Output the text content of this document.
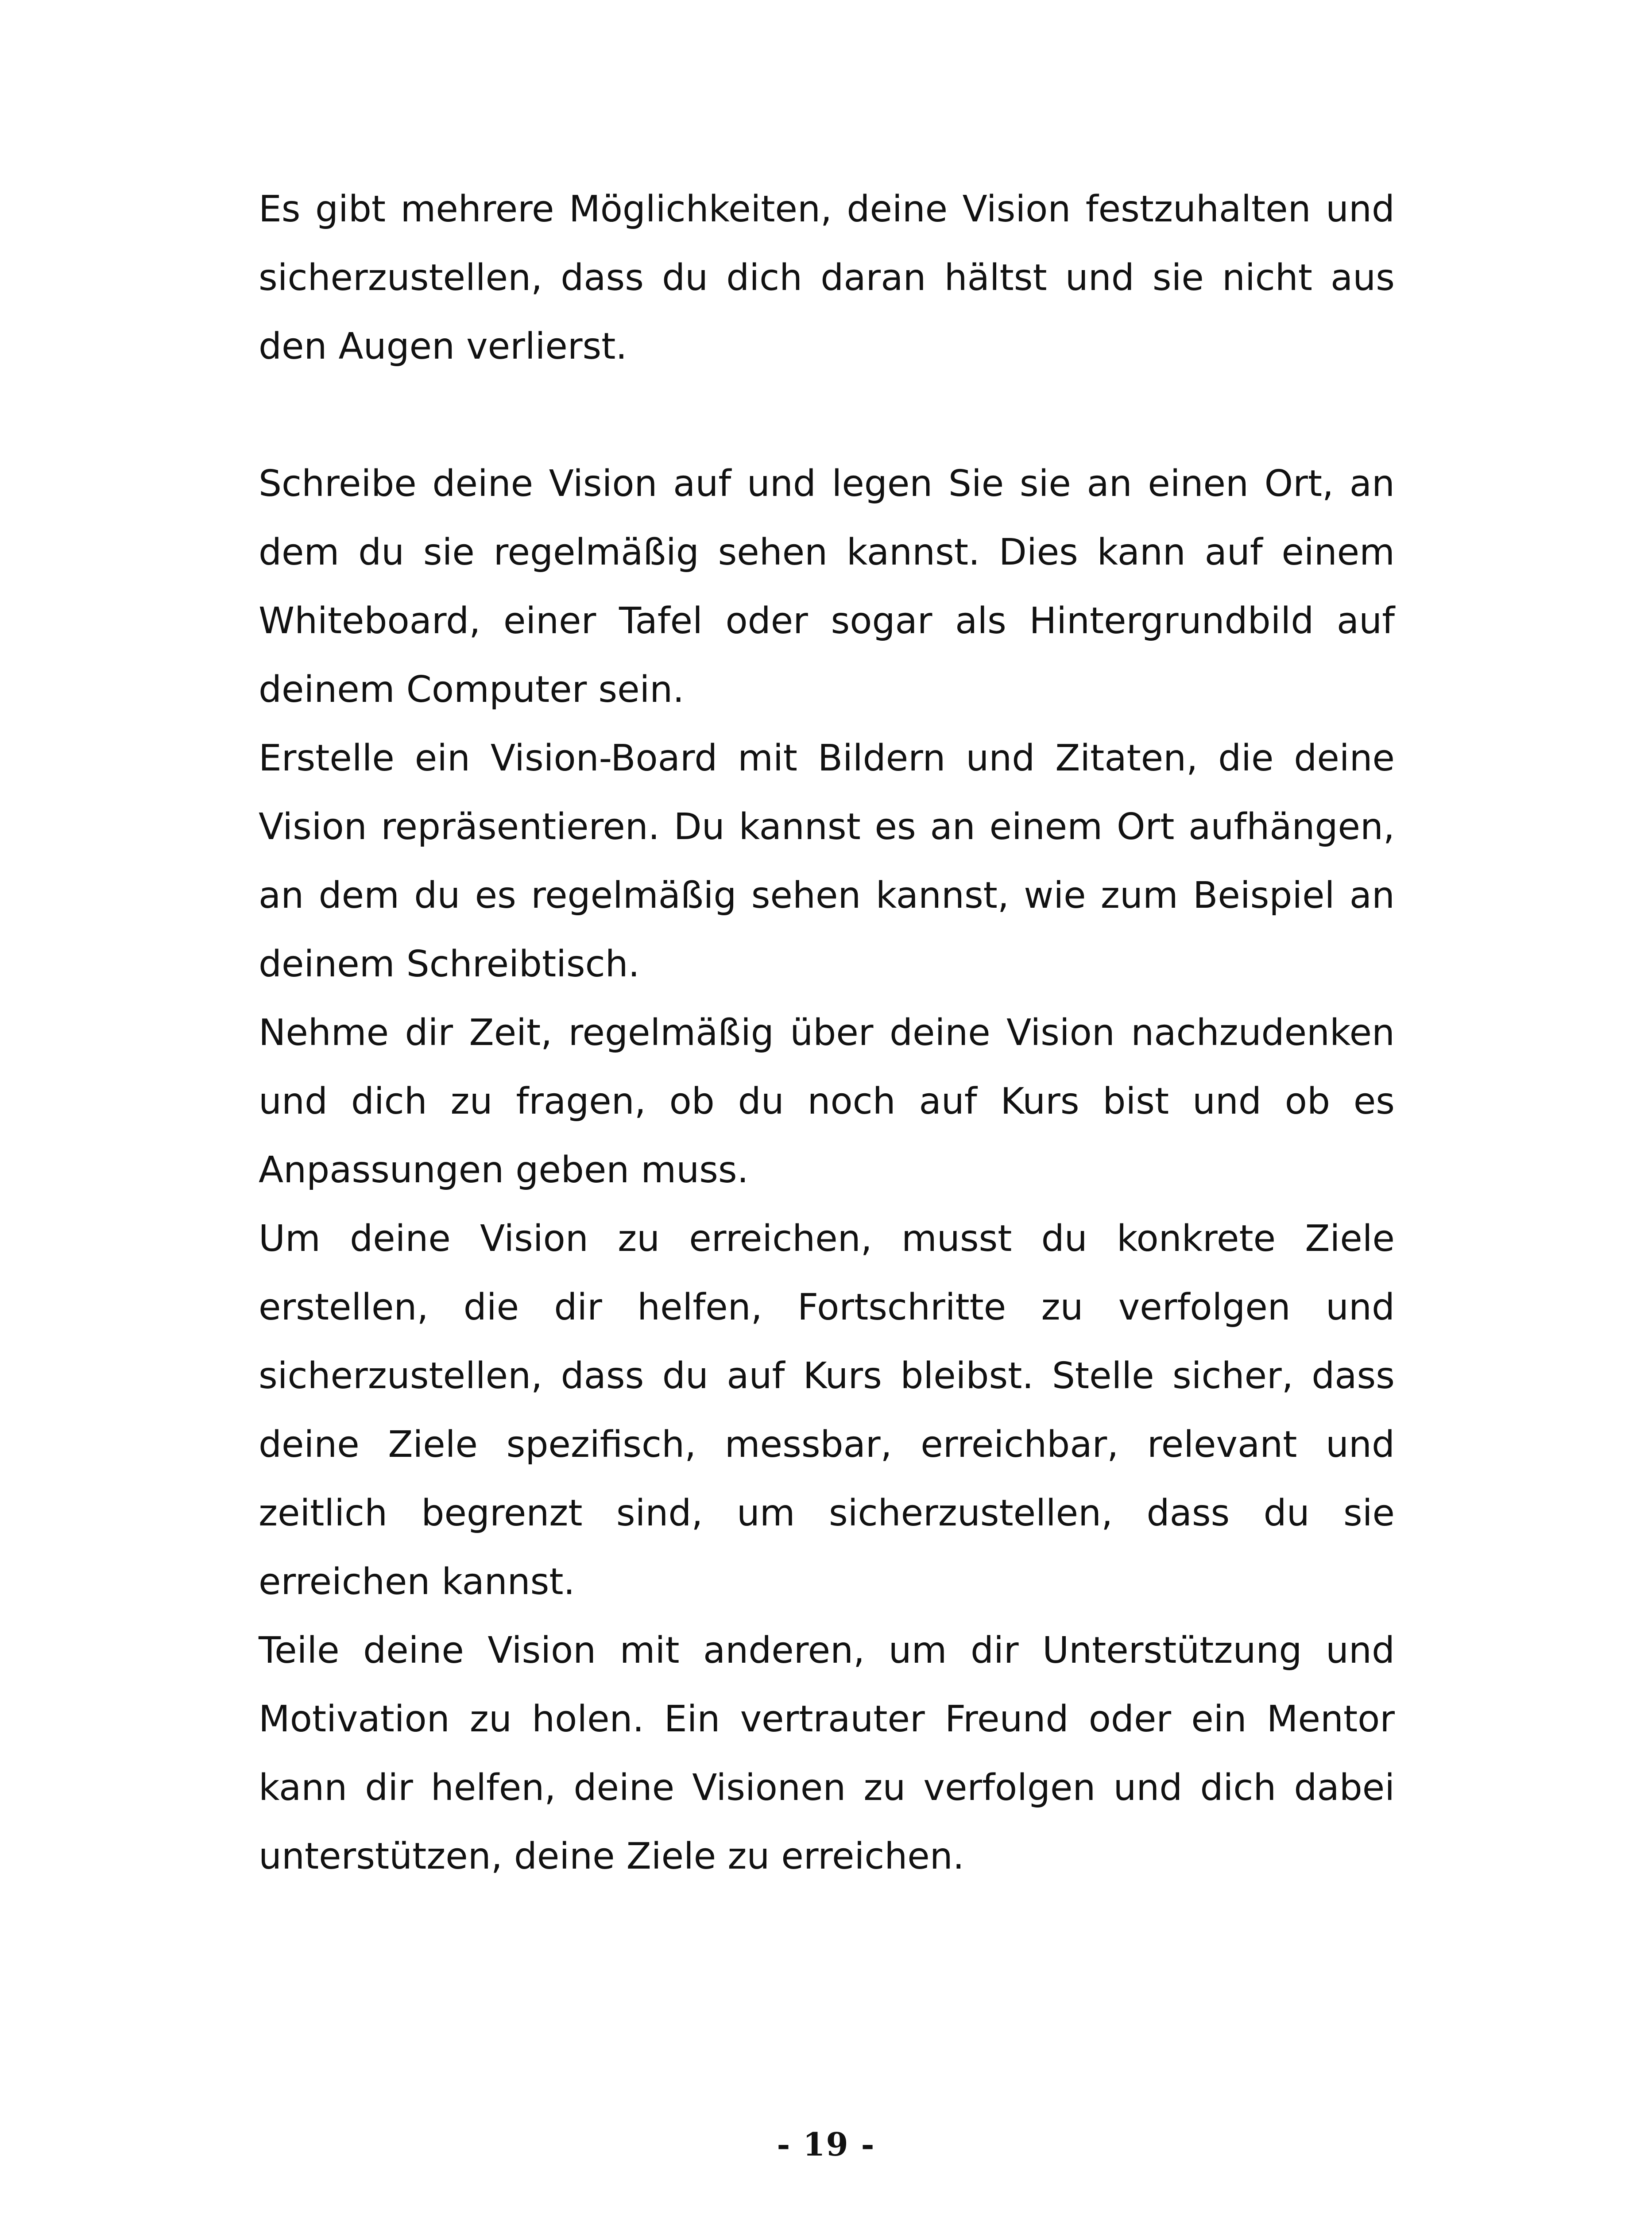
Es gibt mehrere Möglichkeiten, deine Vision festzuhalten und sicherzustellen, dass du dich daran hältst und sie nicht aus den Augen verlierst.

Schreibe deine Vision auf und legen Sie sie an einen Ort, an dem du sie regelmäßig sehen kannst. Dies kann auf einem Whiteboard, einer Tafel oder sogar als Hintergrundbild auf deinem Computer sein.

Erstelle ein Vision-Board mit Bildern und Zitaten, die deine Vision repräsentieren. Du kannst es an einem Ort aufhängen, an dem du es regelmäßig sehen kannst, wie zum Beispiel an deinem Schreibtisch.

Nehme dir Zeit, regelmäßig über deine Vision nachzudenken und dich zu fragen, ob du noch auf Kurs bist und ob es Anpassungen geben muss.

Um deine Vision zu erreichen, musst du konkrete Ziele erstellen, die dir helfen, Fortschritte zu verfolgen und sicherzustellen, dass du auf Kurs bleibst. Stelle sicher, dass deine Ziele spezifisch, messbar, erreichbar, relevant und zeitlich begrenzt sind, um sicherzustellen, dass du sie erreichen kannst.

Teile deine Vision mit anderen, um dir Unterstützung und Motivation zu holen. Ein vertrauter Freund oder ein Mentor kann dir helfen, deine Visionen zu verfolgen und dich dabei unterstützen, deine Ziele zu erreichen.

- 19 -
